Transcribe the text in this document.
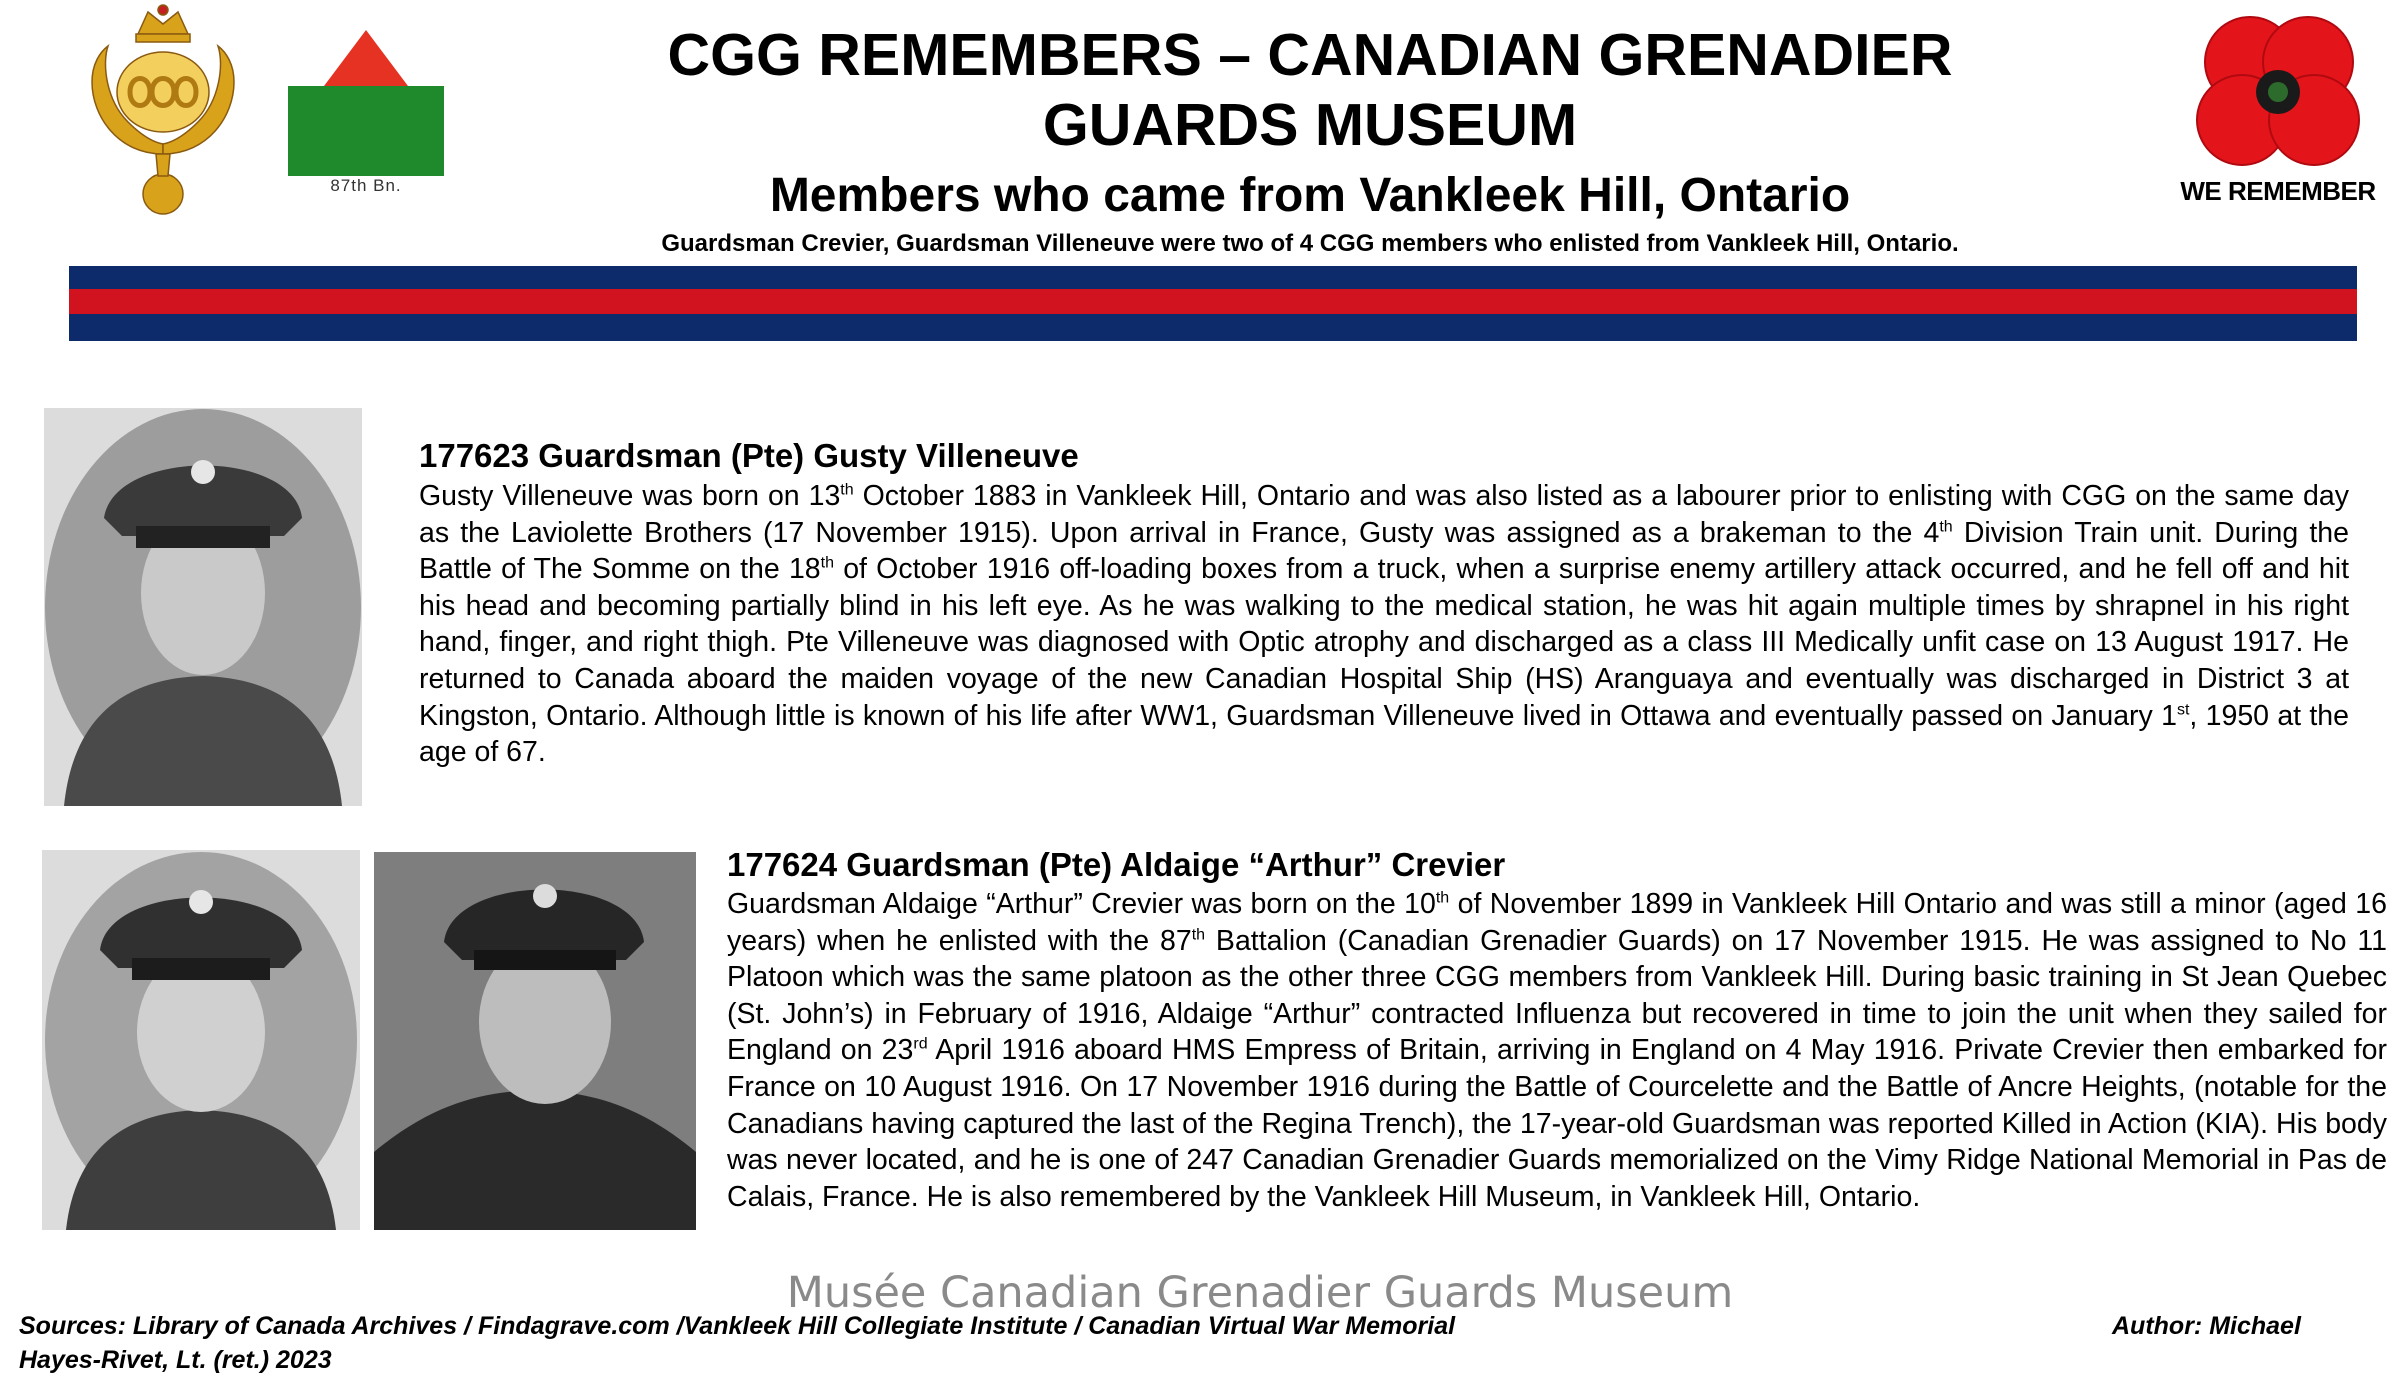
87th Bn.
CGG REMEMBERS – CANADIAN GRENADIER GUARDS MUSEUM
Members who came from Vankleek Hill, Ontario
Guardsman Crevier, Guardsman Villeneuve were two of 4 CGG members who enlisted from Vankleek Hill, Ontario.
WE REMEMBER
177623 Guardsman (Pte) Gusty Villeneuve

Gusty Villeneuve was born on 13th October 1883 in Vankleek Hill, Ontario and was also listed as a labourer prior to enlisting with CGG on the same day as the Laviolette Brothers (17 November 1915). Upon arrival in France, Gusty was assigned as a brakeman to the 4th Division Train unit. During the Battle of The Somme on the 18th of October 1916 off-loading boxes from a truck, when a surprise enemy artillery attack occurred, and he fell off and hit his head and becoming partially blind in his left eye. As he was walking to the medical station, he was hit again multiple times by shrapnel in his right hand, finger, and right thigh. Pte Villeneuve was diagnosed with Optic atrophy and discharged as a class III Medically unfit case on 13 August 1917. He returned to Canada aboard the maiden voyage of the new Canadian Hospital Ship (HS) Aranguaya and eventually was discharged in District 3 at Kingston, Ontario. Although little is known of his life after WW1, Guardsman Villeneuve lived in Ottawa and eventually passed on January 1st, 1950 at the age of 67.

177624 Guardsman (Pte) Aldaige “Arthur” Crevier

Guardsman Aldaige “Arthur” Crevier was born on the 10th of November 1899 in Vankleek Hill Ontario and was still a minor (aged 16 years) when he enlisted with the 87th Battalion (Canadian Grenadier Guards) on 17 November 1915. He was assigned to No 11 Platoon which was the same platoon as the other three CGG members from Vankleek Hill. During basic training in St Jean Quebec (St. John’s) in February of 1916, Aldaige “Arthur” contracted Influenza but recovered in time to join the unit when they sailed for England on 23rd April 1916 aboard HMS Empress of Britain, arriving in England on 4 May 1916. Private Crevier then embarked for France on 10 August 1916. On 17 November 1916 during the Battle of Courcelette and the Battle of Ancre Heights, (notable for the Canadians having captured the last of the Regina Trench), the 17-year-old Guardsman was reported Killed in Action (KIA). His body was never located, and he is one of 247 Canadian Grenadier Guards memorialized on the Vimy Ridge National Memorial in Pas de Calais, France. He is also remembered by the Vankleek Hill Museum, in Vankleek Hill, Ontario.

Musée Canadian Grenadier Guards Museum
Sources: Library of Canada Archives / Findagrave.com /Vankleek Hill Collegiate Institute / Canadian Virtual War Memorial	Author: Michael
Hayes-Rivet, Lt. (ret.) 2023
